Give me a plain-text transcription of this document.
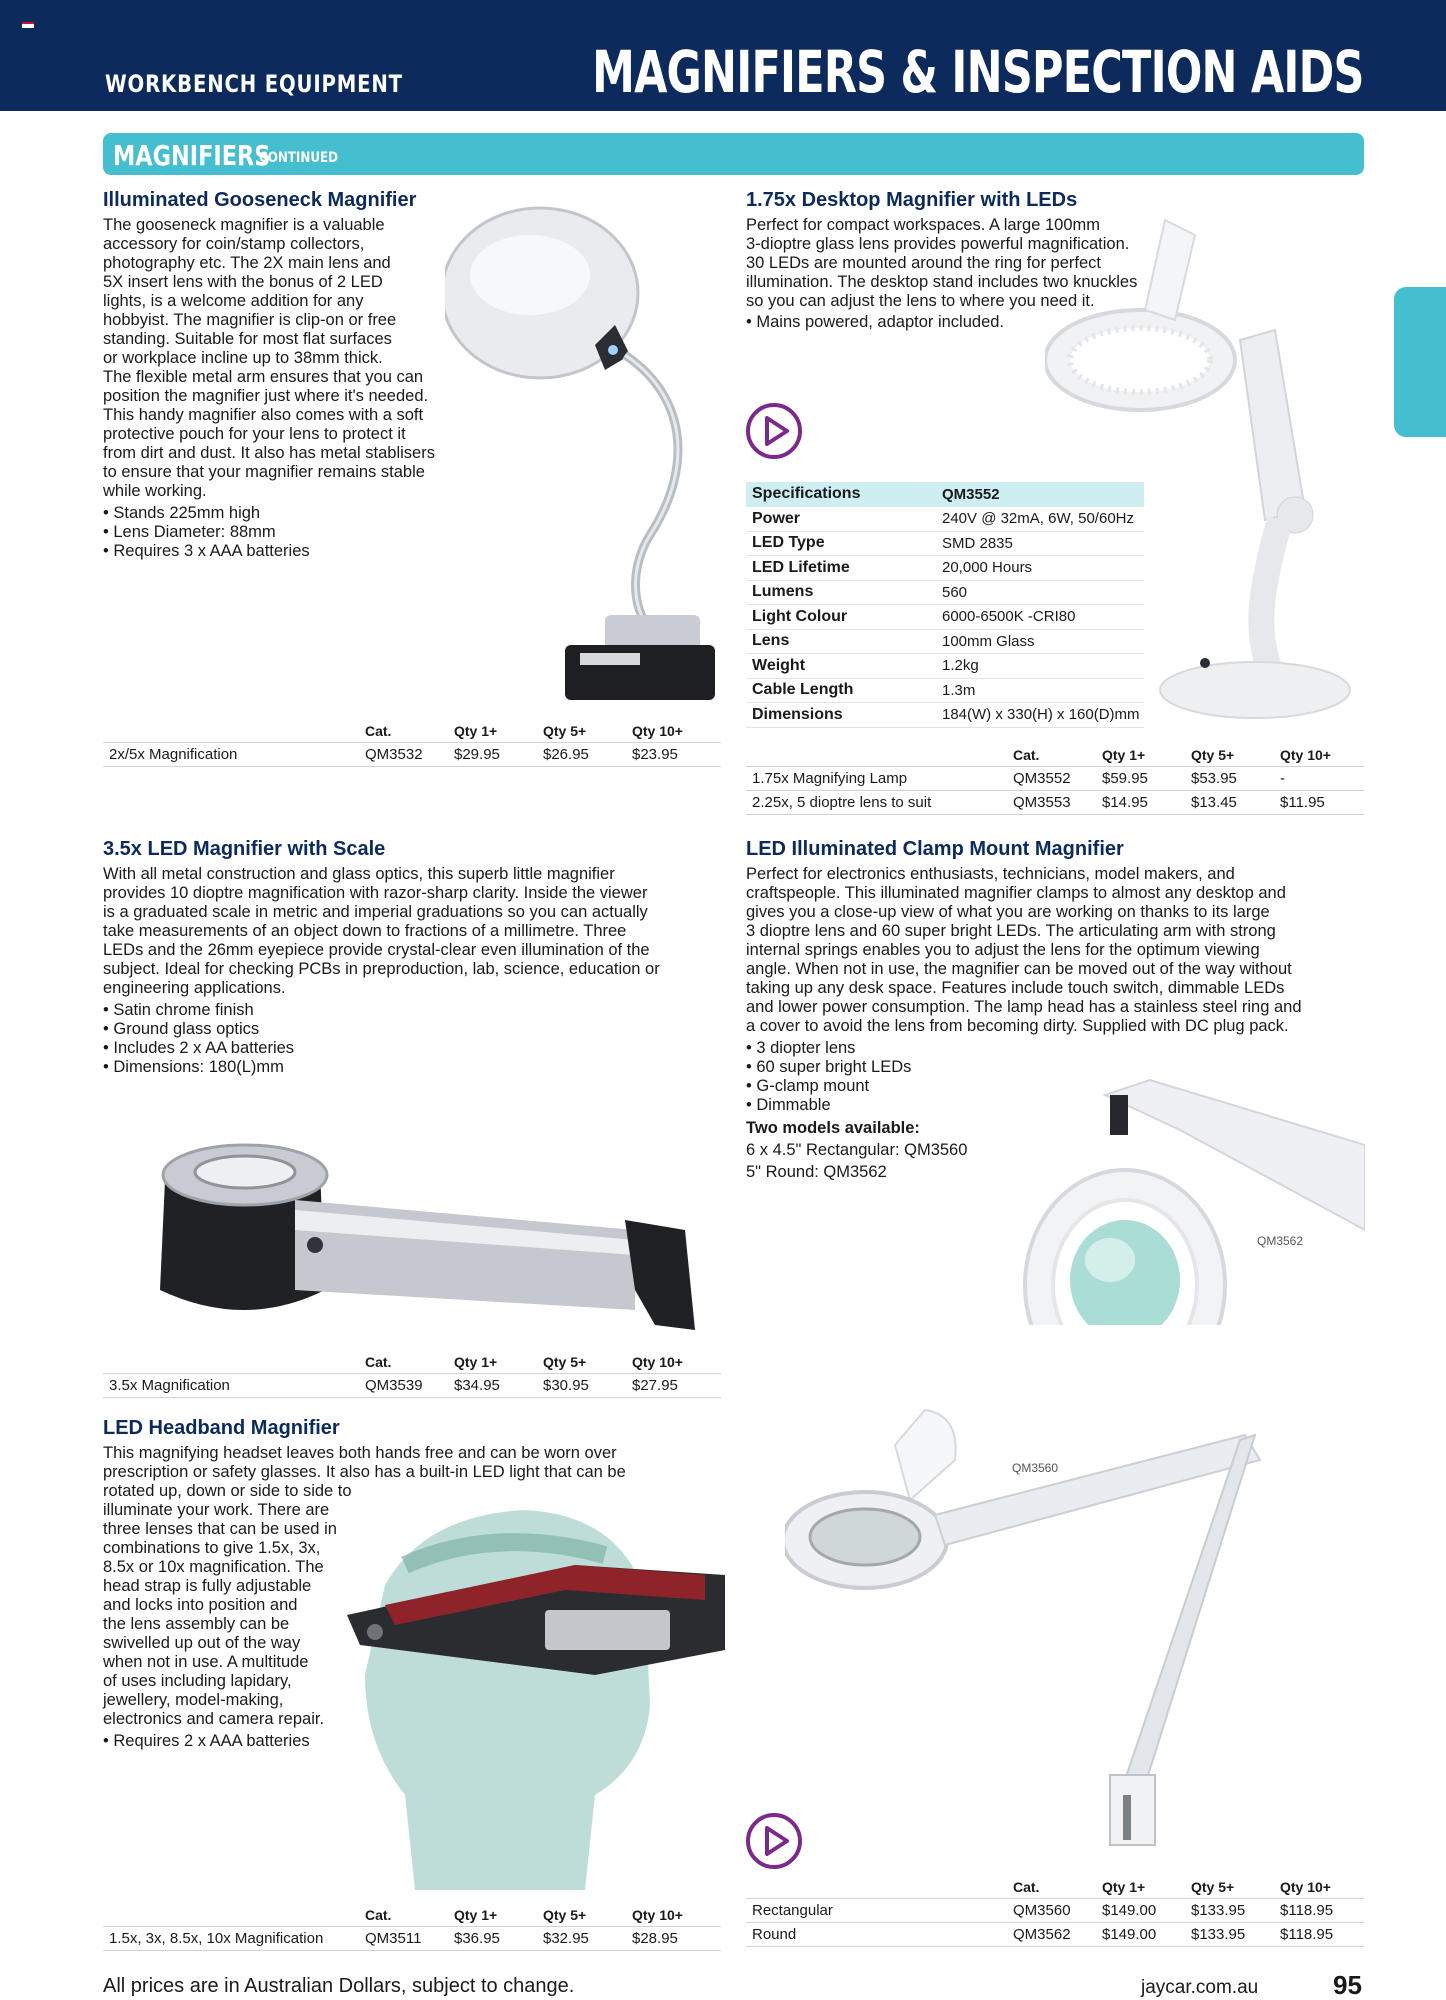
WORKBENCH EQUIPMENT	MAGNIFIERS & INSPECTION AIDS
MAGNIFIERS
CONTINUED
Illuminated Gooseneck Magnifier

The gooseneck magnifier is a valuable

accessory for coin/stamp collectors,

photography etc. The 2X main lens and

5X insert lens with the bonus of 2 LED

lights, is a welcome addition for any

hobbyist. The magnifier is clip-on or free

standing. Suitable for most flat surfaces

or workplace incline up to 38mm thick.

The flexible metal arm ensures that you can

position the magnifier just where it's needed.

This handy magnifier also comes with a soft

protective pouch for your lens to protect it

from dirt and dust. It also has metal stablisers

to ensure that your magnifier remains stable

while working.

• Stands 225mm high

• Lens Diameter: 88mm

• Requires 3 x AAA batteries

	Cat.	Qty 1+	Qty 5+	Qty 10+
2x/5x Magnification	QM3532	$29.95	$26.95	$23.95
1.75x Desktop Magnifier with LEDs

Perfect for compact workspaces. A large 100mm

3-dioptre glass lens provides powerful magnification.

30 LEDs are mounted around the ring for perfect

illumination. The desktop stand includes two knuckles

so you can adjust the lens to where you need it.

• Mains powered, adaptor included.

Specifications	QM3552
Power	240V @ 32mA, 6W, 50/60Hz
LED Type	SMD 2835
LED Lifetime	20,000 Hours
Lumens	560
Light Colour	6000-6500K -CRI80
Lens	100mm Glass
Weight	1.2kg
Cable Length	1.3m
Dimensions	184(W) x 330(H) x 160(D)mm
	Cat.	Qty 1+	Qty 5+	Qty 10+
1.75x Magnifying Lamp	QM3552	$59.95	$53.95	-
2.25x, 5 dioptre lens to suit	QM3553	$14.95	$13.45	$11.95
3.5x LED Magnifier with Scale

With all metal construction and glass optics, this superb little magnifier

provides 10 dioptre magnification with razor-sharp clarity. Inside the viewer

is a graduated scale in metric and imperial graduations so you can actually

take measurements of an object down to fractions of a millimetre. Three

LEDs and the 26mm eyepiece provide crystal-clear even illumination of the

subject. Ideal for checking PCBs in preproduction, lab, science, education or

engineering applications.

• Satin chrome finish

• Ground glass optics

• Includes 2 x AA batteries

• Dimensions: 180(L)mm

	Cat.	Qty 1+	Qty 5+	Qty 10+
3.5x Magnification	QM3539	$34.95	$30.95	$27.95
LED Illuminated Clamp Mount Magnifier

Perfect for electronics enthusiasts, technicians, model makers, and

craftspeople. This illuminated magnifier clamps to almost any desktop and

gives you a close-up view of what you are working on thanks to its large

3 dioptre lens and 60 super bright LEDs. The articulating arm with strong

internal springs enables you to adjust the lens for the optimum viewing

angle. When not in use, the magnifier can be moved out of the way without

taking up any desk space. Features include touch switch, dimmable LEDs

and lower power consumption. The lamp head has a stainless steel ring and

a cover to avoid the lens from becoming dirty. Supplied with DC plug pack.

• 3 diopter lens

• 60 super bright LEDs

• G-clamp mount

• Dimmable

Two models available:

6 x 4.5" Rectangular: QM3560

5" Round: QM3562

QM3562
QM3560
	Cat.	Qty 1+	Qty 5+	Qty 10+
Rectangular	QM3560	$149.00	$133.95	$118.95
Round	QM3562	$149.00	$133.95	$118.95
LED Headband Magnifier

This magnifying headset leaves both hands free and can be worn over

prescription or safety glasses. It also has a built-in LED light that can be

rotated up, down or side to side to

illuminate your work. There are

three lenses that can be used in

combinations to give 1.5x, 3x,

8.5x or 10x magnification. The

head strap is fully adjustable

and locks into position and

the lens assembly can be

swivelled up out of the way

when not in use. A multitude

of uses including lapidary,

jewellery, model-making,

electronics and camera repair.

• Requires 2 x AAA batteries

	Cat.	Qty 1+	Qty 5+	Qty 10+
1.5x, 3x, 8.5x, 10x Magnification	QM3511	$36.95	$32.95	$28.95
All prices are in Australian Dollars, subject to change.	jaycar.com.au	95
